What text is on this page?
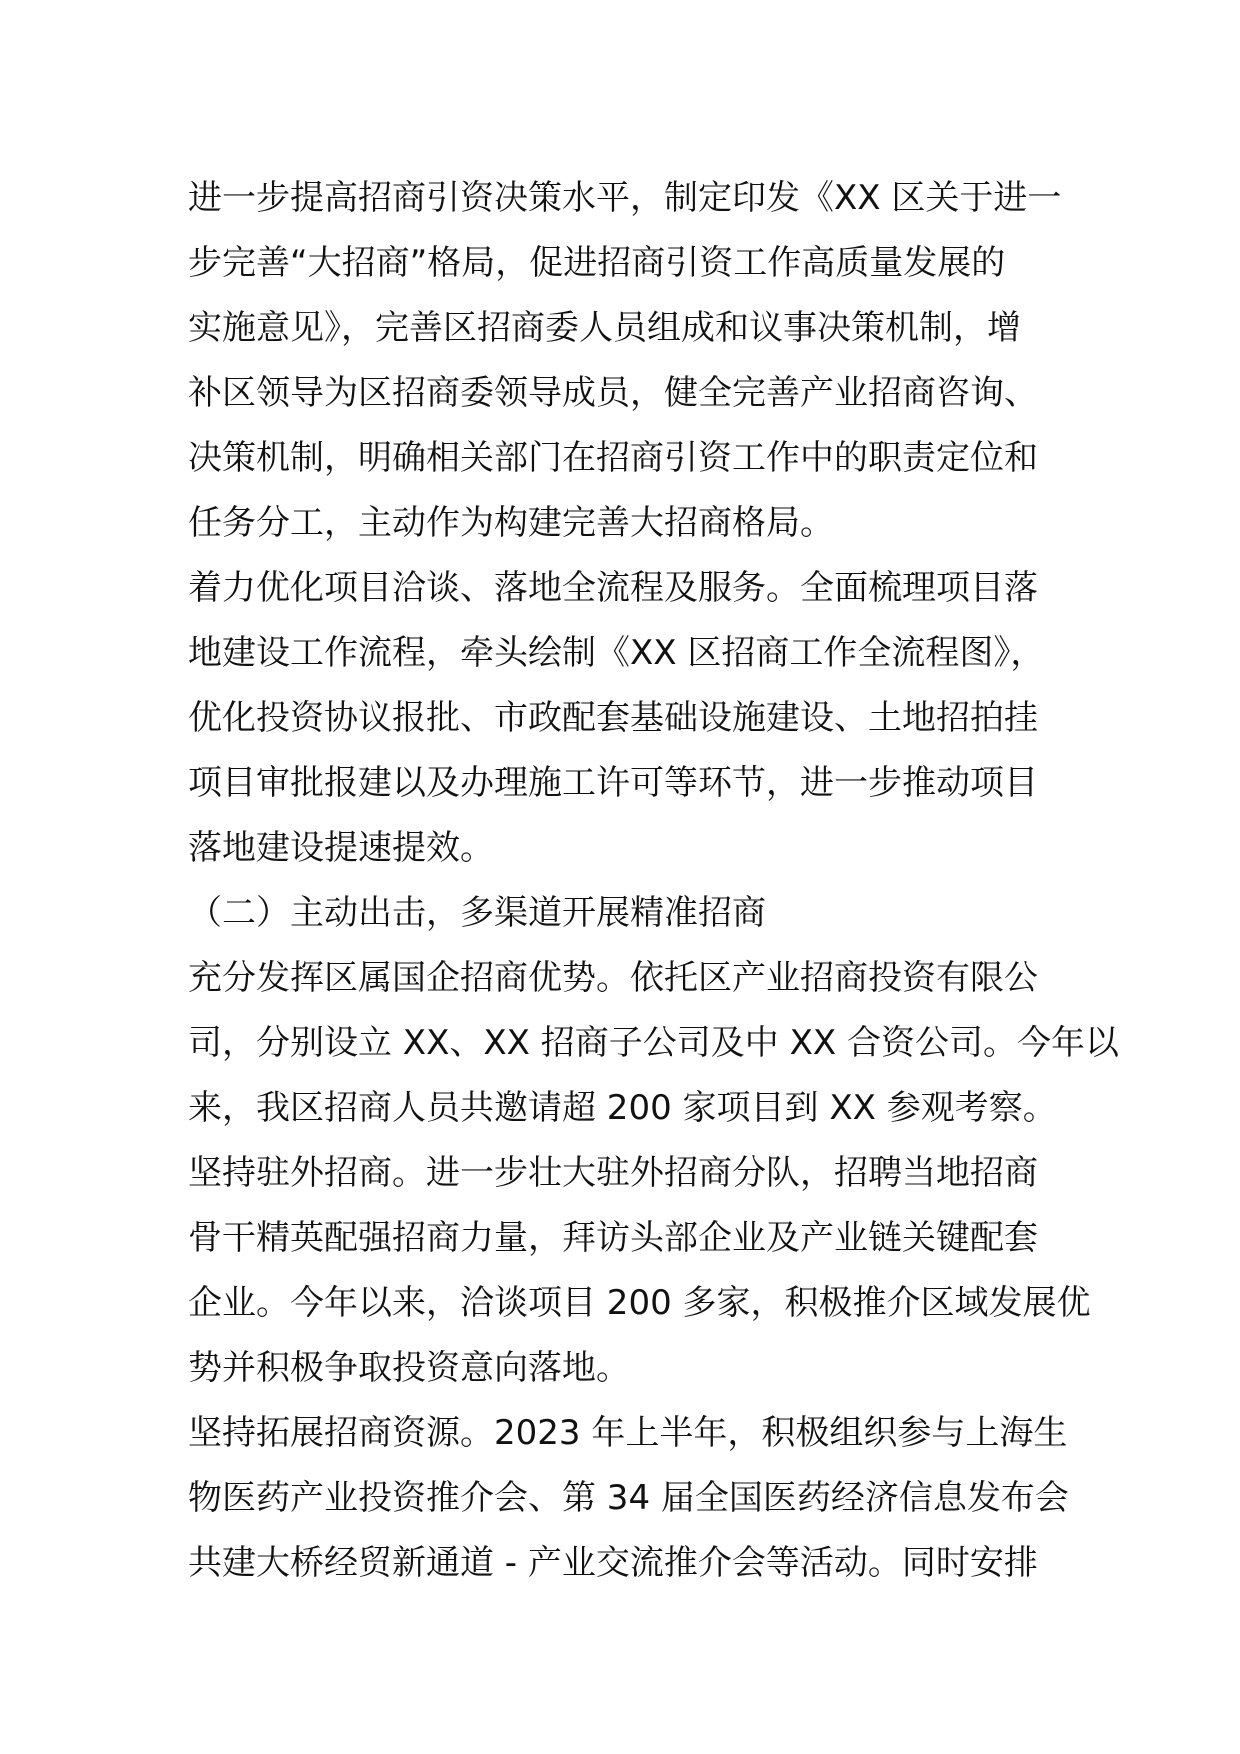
进一步提高招商引资决策水平，制定印发《XX 区关于进一
步完善“大招商”格局，促进招商引资工作高质量发展的
实施意见》，完善区招商委人员组成和议事决策机制，增
补区领导为区招商委领导成员，健全完善产业招商咨询、
决策机制，明确相关部门在招商引资工作中的职责定位和
任务分工，主动作为构建完善大招商格局。
着力优化项目洽谈、落地全流程及服务。全面梳理项目落
地建设工作流程，牵头绘制《XX 区招商工作全流程图》，
优化投资协议报批、市政配套基础设施建设、土地招拍挂
项目审批报建以及办理施工许可等环节，进一步推动项目
落地建设提速提效。
（二）主动出击，多渠道开展精准招商
充分发挥区属国企招商优势。依托区产业招商投资有限公
司，分别设立 XX、XX 招商子公司及中 XX 合资公司。今年以
来，我区招商人员共邀请超 200 家项目到 XX 参观考察。
坚持驻外招商。进一步壮大驻外招商分队，招聘当地招商
骨干精英配强招商力量，拜访头部企业及产业链关键配套
企业。今年以来，洽谈项目 200 多家，积极推介区域发展优
势并积极争取投资意向落地。
坚持拓展招商资源。2023 年上半年，积极组织参与上海生
物医药产业投资推介会、第 34 届全国医药经济信息发布会
共建大桥经贸新通道 - 产业交流推介会等活动。同时安排
